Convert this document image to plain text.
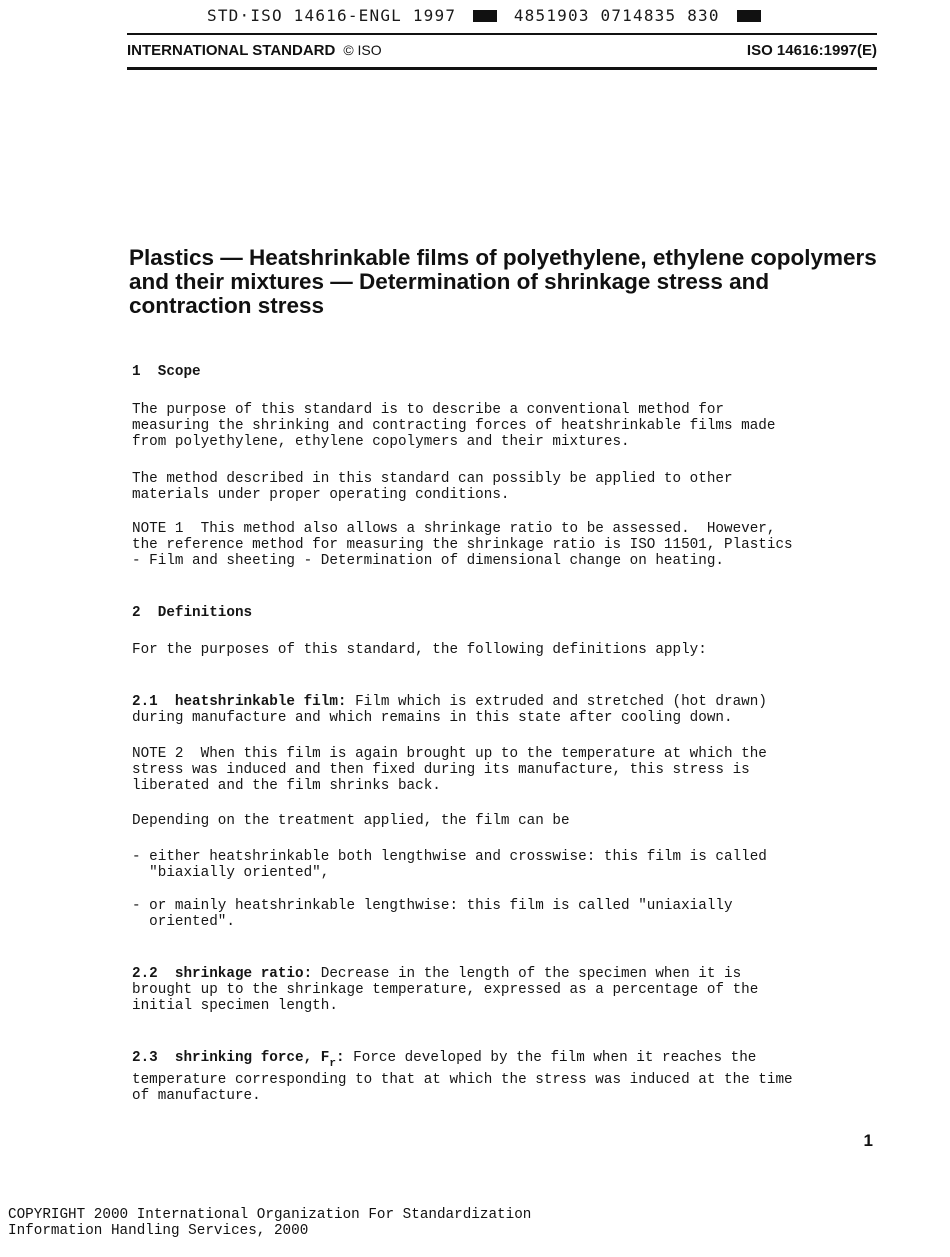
STD·ISO 14616-ENGL 1997	4851903 0714835 830
INTERNATIONAL STANDARD © ISO	ISO 14616:1997(E)
Plastics — Heatshrinkable films of polyethylene, ethylene copolymers and their mixtures — Determination of shrinkage stress and contraction stress
1  Scope
The purpose of this standard is to describe a conventional method for
measuring the shrinking and contracting forces of heatshrinkable films made
from polyethylene, ethylene copolymers and their mixtures.
The method described in this standard can possibly be applied to other
materials under proper operating conditions.
NOTE 1  This method also allows a shrinkage ratio to be assessed.  However,
the reference method for measuring the shrinkage ratio is ISO 11501, Plastics
- Film and sheeting - Determination of dimensional change on heating.
2  Definitions
For the purposes of this standard, the following definitions apply:
2.1  heatshrinkable film: Film which is extruded and stretched (hot drawn)
during manufacture and which remains in this state after cooling down.
NOTE 2  When this film is again brought up to the temperature at which the
stress was induced and then fixed during its manufacture, this stress is
liberated and the film shrinks back.
Depending on the treatment applied, the film can be
- either heatshrinkable both lengthwise and crosswise: this film is called
"biaxially oriented",
- or mainly heatshrinkable lengthwise: this film is called "uniaxially
oriented".
2.2  shrinkage ratio: Decrease in the length of the specimen when it is
brought up to the shrinkage temperature, expressed as a percentage of the
initial specimen length.
2.3  shrinking force, $F_r$: Force developed by the film when it reaches the
temperature corresponding to that at which the stress was induced at the time
of manufacture.
1
COPYRIGHT 2000 International Organization For Standardization
Information Handling Services, 2000
